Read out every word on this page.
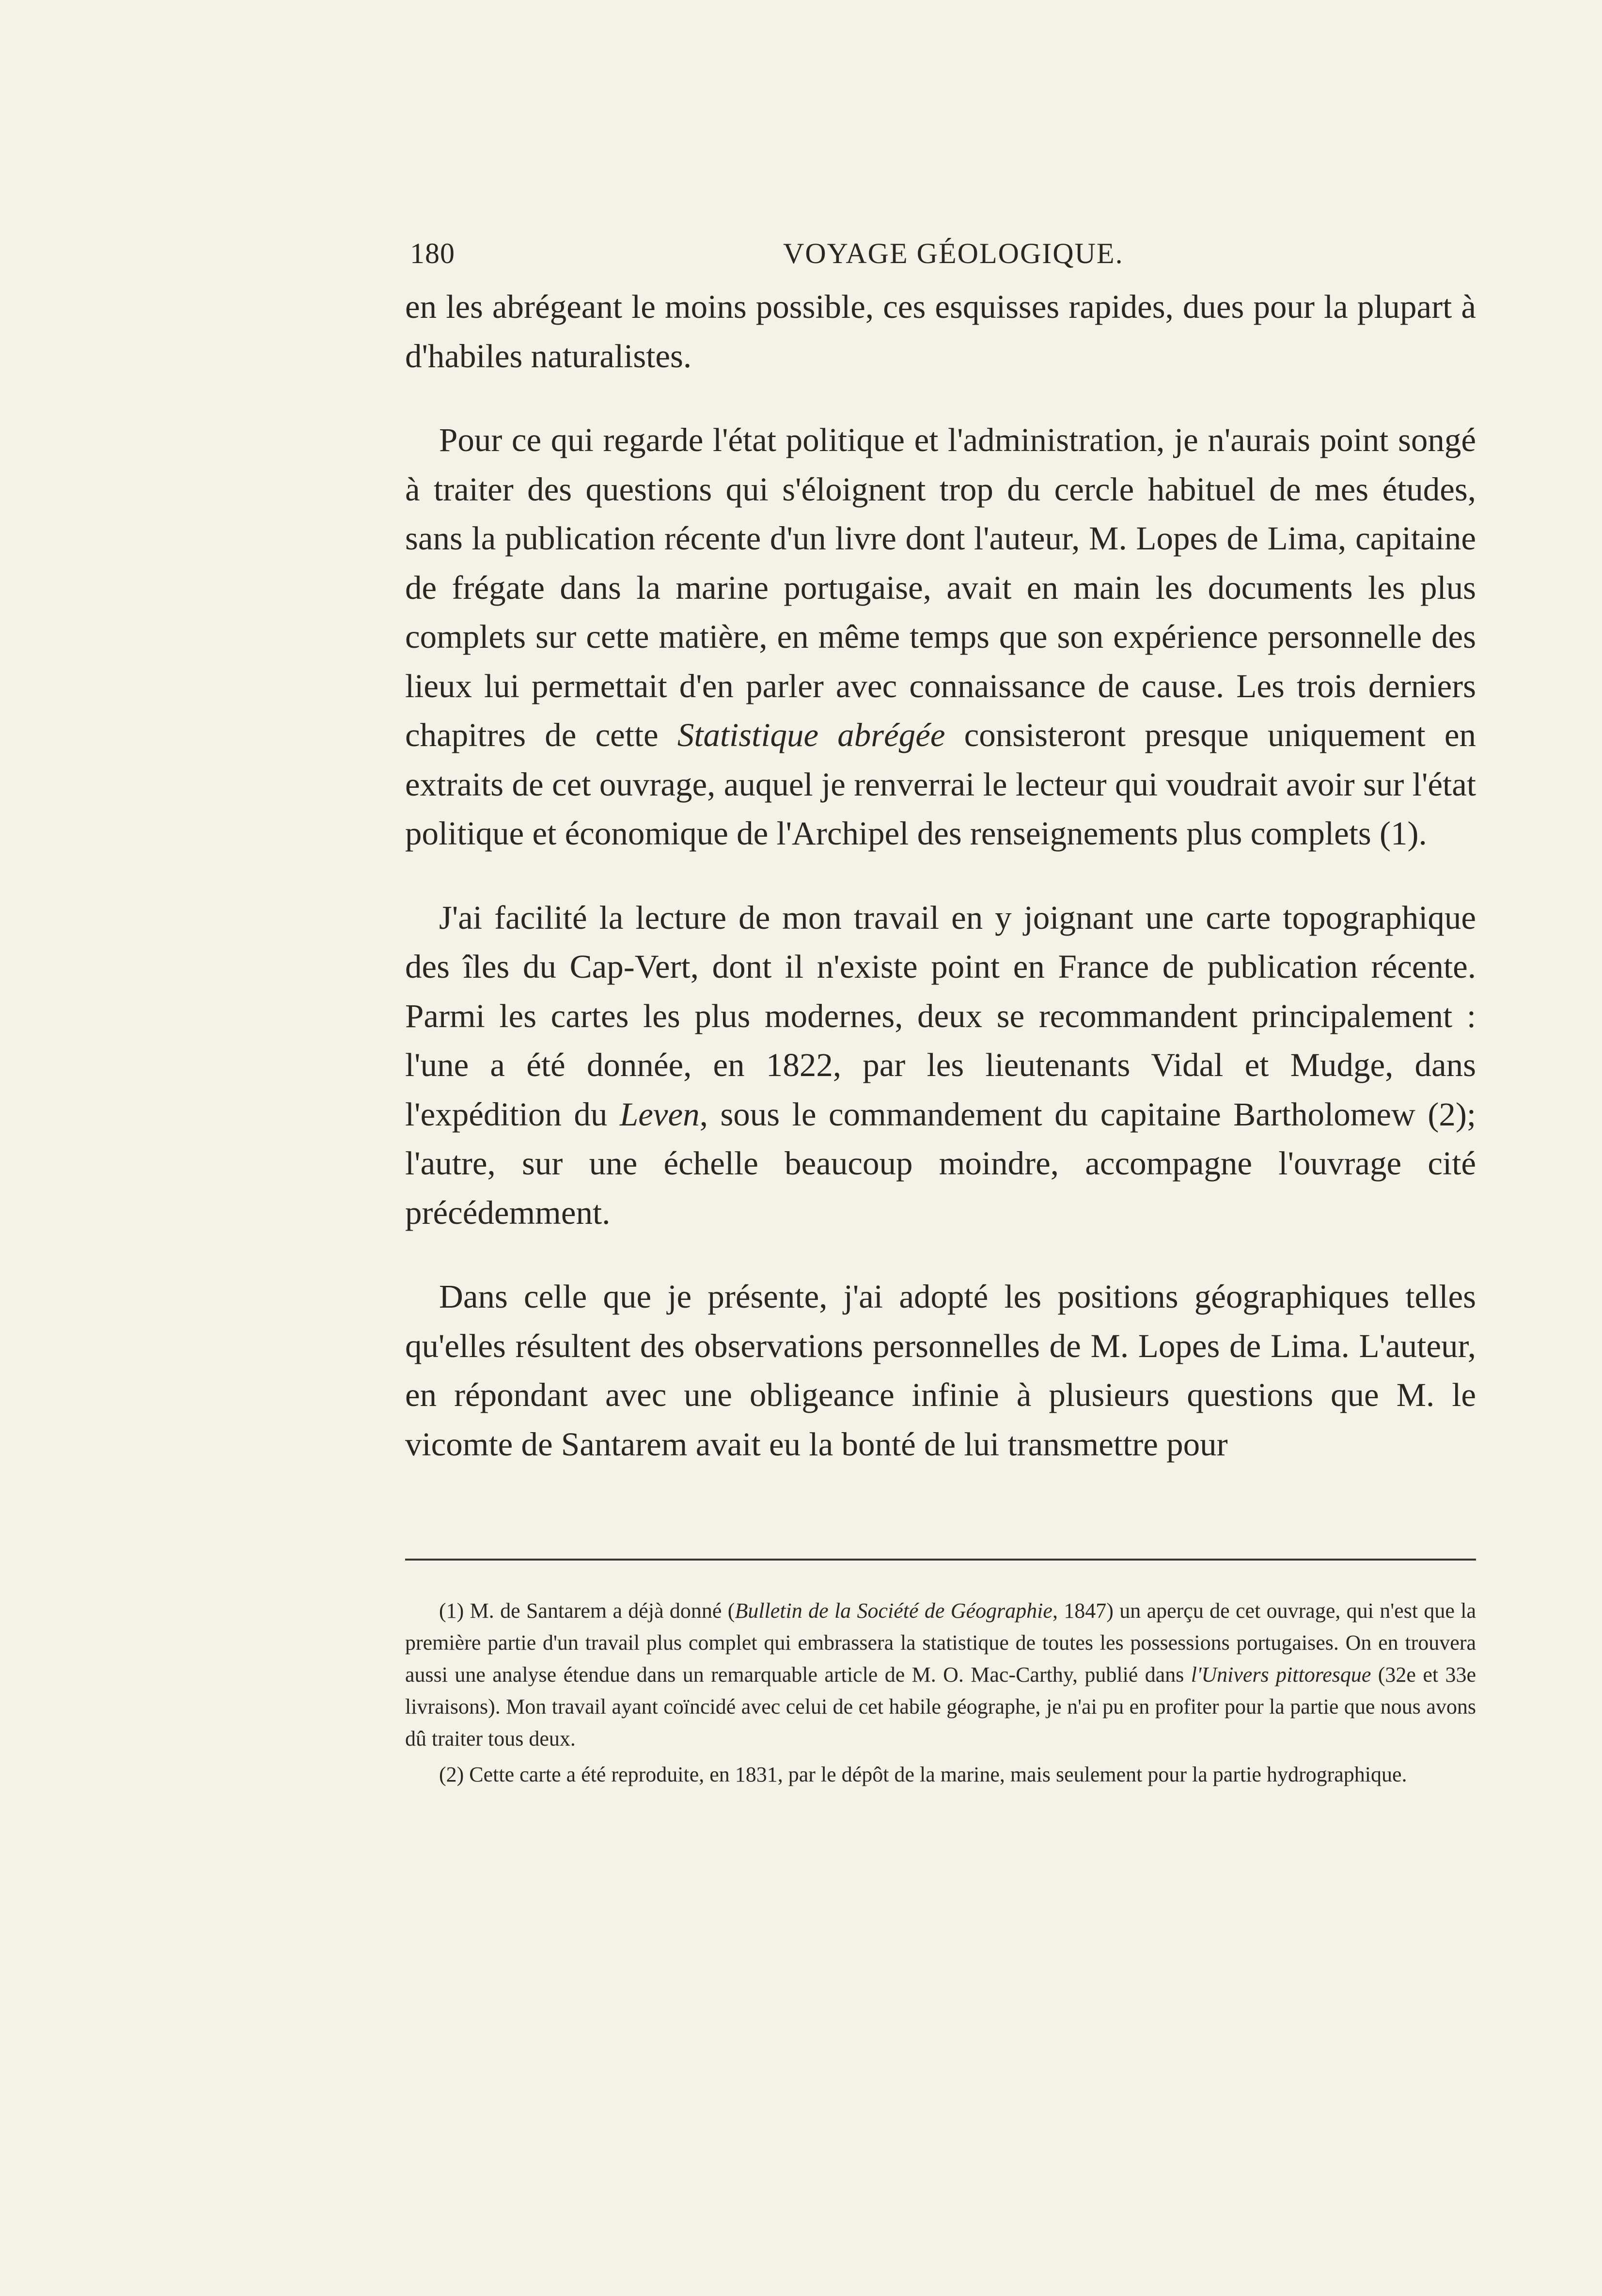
180	VOYAGE GÉOLOGIQUE.

en les abrégeant le moins possible, ces esquisses rapides, dues pour la plupart à d'habiles naturalistes.

Pour ce qui regarde l'état politique et l'administration, je n'aurais point songé à traiter des questions qui s'éloignent trop du cercle habituel de mes études, sans la publication récente d'un livre dont l'auteur, M. Lopes de Lima, capitaine de frégate dans la marine portugaise, avait en main les documents les plus complets sur cette matière, en même temps que son expérience personnelle des lieux lui permettait d'en parler avec connaissance de cause. Les trois derniers chapitres de cette Statistique abrégée consisteront presque uniquement en extraits de cet ouvrage, auquel je renverrai le lecteur qui voudrait avoir sur l'état politique et économique de l'Archipel des renseignements plus complets (1).

J'ai facilité la lecture de mon travail en y joignant une carte topographique des îles du Cap-Vert, dont il n'existe point en France de publication récente. Parmi les cartes les plus modernes, deux se recommandent principalement : l'une a été donnée, en 1822, par les lieutenants Vidal et Mudge, dans l'expédition du Leven, sous le commandement du capitaine Bartholomew (2); l'autre, sur une échelle beaucoup moindre, accompagne l'ouvrage cité précédemment.

Dans celle que je présente, j'ai adopté les positions géographiques telles qu'elles résultent des observations personnelles de M. Lopes de Lima. L'auteur, en répondant avec une obligeance infinie à plusieurs questions que M. le vicomte de Santarem avait eu la bonté de lui transmettre pour

(1) M. de Santarem a déjà donné (Bulletin de la Société de Géographie, 1847) un aperçu de cet ouvrage, qui n'est que la première partie d'un travail plus complet qui embrassera la statistique de toutes les possessions portugaises. On en trouvera aussi une analyse étendue dans un remarquable article de M. O. Mac-Carthy, publié dans l'Univers pittoresque (32e et 33e livraisons). Mon travail ayant coïncidé avec celui de cet habile géographe, je n'ai pu en profiter pour la partie que nous avons dû traiter tous deux.

(2) Cette carte a été reproduite, en 1831, par le dépôt de la marine, mais seulement pour la partie hydrographique.
